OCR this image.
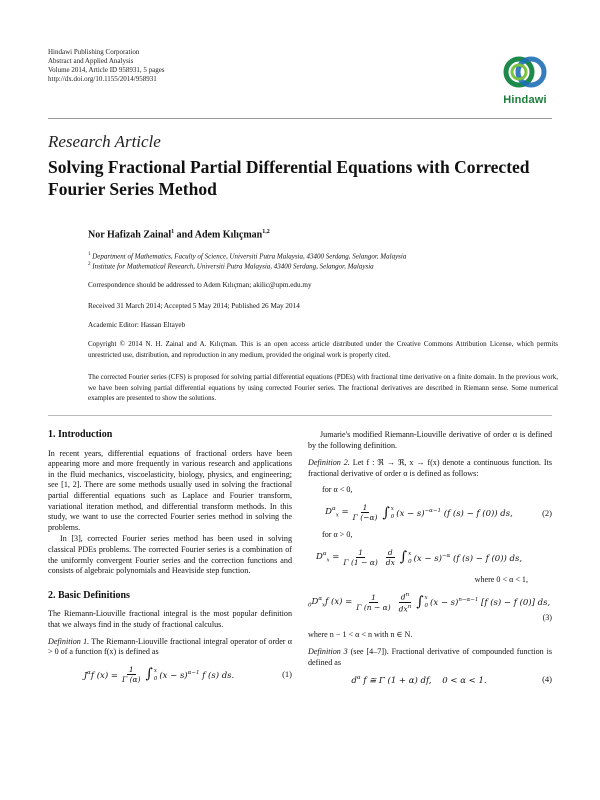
Hindawi Publishing Corporation
Abstract and Applied Analysis
Volume 2014, Article ID 958931, 5 pages
http://dx.doi.org/10.1155/2014/958931
Hindawi
Research Article
Solving Fractional Partial Differential Equations with Corrected Fourier Series Method
Nor Hafizah Zainal$^1$ and Adem Kılıçman$^{1,2}$
$^1$ Department of Mathematics, Faculty of Science, Universiti Putra Malaysia, 43400 Serdang, Selangor, Malaysia
$^2$ Institute for Mathematical Research, Universiti Putra Malaysia, 43400 Serdang, Selangor, Malaysia
Correspondence should be addressed to Adem Kılıçman; akilic@upm.edu.my
Received 31 March 2014; Accepted 5 May 2014; Published 26 May 2014
Academic Editor: Hassan Eltayeb
Copyright © 2014 N. H. Zainal and A. Kılıçman. This is an open access article distributed under the Creative Commons Attribution License, which permits unrestricted use, distribution, and reproduction in any medium, provided the original work is properly cited.
The corrected Fourier series (CFS) is proposed for solving partial differential equations (PDEs) with fractional time derivative on a finite domain. In the previous work, we have been solving partial differential equations by using corrected Fourier series. The fractional derivatives are described in Riemann sense. Some numerical examples are presented to show the solutions.

1. Introduction

In recent years, differential equations of fractional orders have been appearing more and more frequently in various research and applications in the fluid mechanics, viscoelasticity, biology, physics, and engineering; see [1, 2]. There are some methods usually used in solving the fractional partial differential equations such as Laplace and Fourier transform, variational iteration method, and differential transform methods. In this study, we want to use the corrected Fourier series method in solving the problems.

In [3], corrected Fourier series method has been used in solving classical PDEs problems. The corrected Fourier series is a combination of the uniformly convergent Fourier series and the correction functions and consists of algebraic polynomials and Heaviside step function.

2. Basic Definitions

The Riemann-Liouville fractional integral is the most popular definition that we always find in the study of fractional calculus.

Definition 1. The Riemann-Liouville fractional integral operator of order α > 0 of a function f(x) is defined as

$J^\alpha f$ $(x) = \frac{1}{\Gamma (\alpha)}$ ∫ x
0 $(x - s)^{\alpha-1}$ f (s) ds.	(1)

Jumarie's modified Riemann-Liouville derivative of order α is defined by the following definition.

Definition 2. Let f : ℜ → ℜ, x → f(x) denote a continuous function. Its fractional derivative of order α is defined as follows:

for α < 0,

$D^\alpha_x = \frac{1}{\Gamma (-\alpha)}$ ∫ x
0 $(x - s)^{-\alpha-1}$ (f (s) − f (0)) ds,	(2)

for α > 0,

$D^\alpha_x = \frac{1}{\Gamma (1 - \alpha)} \frac{d}{dx}$ ∫ x
0 $(x - s)^{-\alpha}$ (f (s) − f (0)) ds,

where 0 < α < 1,

$_0D^\alpha_xf$ $(x) = \frac{1}{\Gamma (n - \alpha)} \frac{d^n}{dx^n}$ ∫ x
0 $(x - s)^{n-\alpha-1}$ [f (s) − f (0)] ds,

(3)

where n − 1 < α < n with n ∈ N.

Definition 3 (see [4–7]). Fractional derivative of compounded function is defined as

$d^\alpha$ f ≅ Γ (1 + α) df,    0 < α < 1.	(4)
